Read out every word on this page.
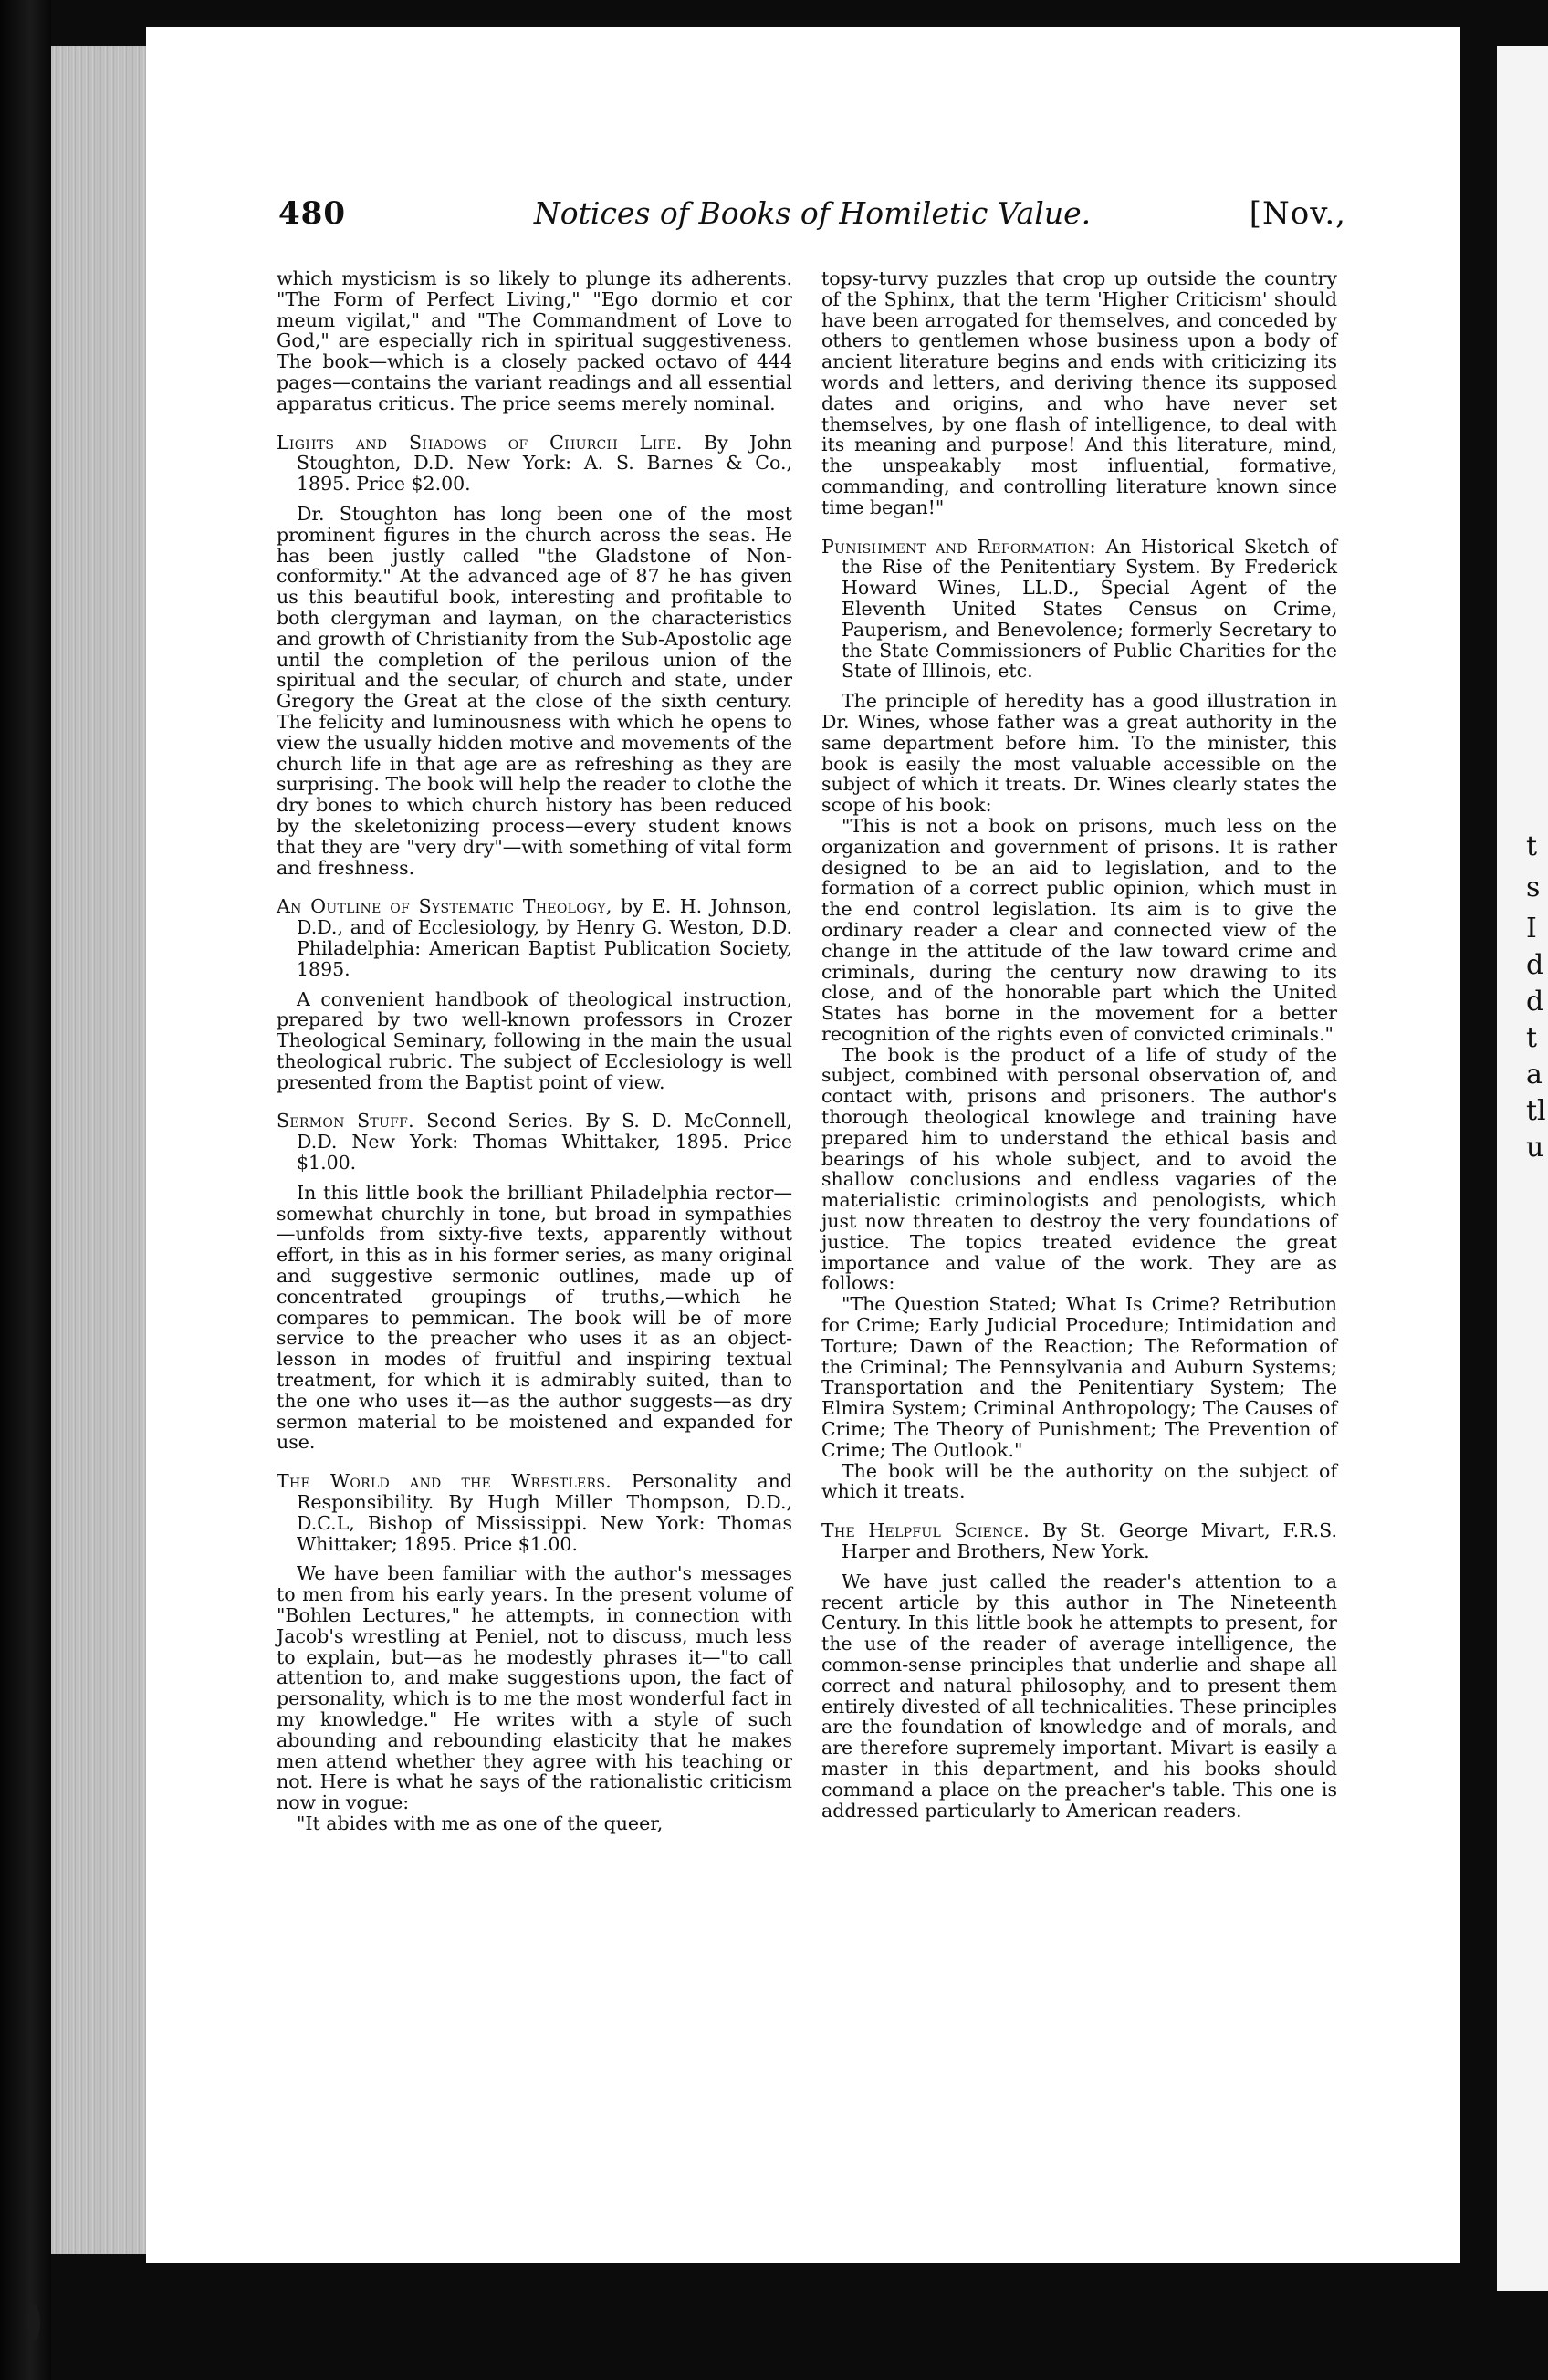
t
s
I
d
d
t
a
tl
u
480	Notices of Books of Homiletic Value.	[Nov.,

which mysticism is so likely to plunge its adherents. "The Form of Perfect Living," "Ego dormio et cor meum vigilat," and "The Commandment of Love to God," are especially rich in spiritual suggestiveness. The book—which is a closely packed octavo of 444 pages—contains the variant readings and all essential apparatus criticus. The price seems merely nominal.

Lights and Shadows of Church Life. By John Stoughton, D.D. New York: A. S. Barnes & Co., 1895. Price $2.00.

Dr. Stoughton has long been one of the most prominent figures in the church across the seas. He has been justly called "the Gladstone of Non-conformity." At the advanced age of 87 he has given us this beautiful book, interesting and profitable to both clergyman and layman, on the characteristics and growth of Christianity from the Sub-Apostolic age until the completion of the perilous union of the spiritual and the secular, of church and state, under Gregory the Great at the close of the sixth century. The felicity and luminousness with which he opens to view the usually hidden motive and movements of the church life in that age are as refreshing as they are surprising. The book will help the reader to clothe the dry bones to which church history has been reduced by the skeletonizing process—every student knows that they are "very dry"—with something of vital form and freshness.

An Outline of Systematic Theology, by E. H. Johnson, D.D., and of Ecclesiology, by Henry G. Weston, D.D. Philadelphia: American Baptist Publication Society, 1895.

A convenient handbook of theological instruction, prepared by two well-known professors in Crozer Theological Seminary, following in the main the usual theological rubric. The subject of Ecclesiology is well presented from the Baptist point of view.

Sermon Stuff. Second Series. By S. D. McConnell, D.D. New York: Thomas Whittaker, 1895. Price $1.00.

In this little book the brilliant Philadelphia rector—somewhat churchly in tone, but broad in sympathies—unfolds from sixty-five texts, apparently without effort, in this as in his former series, as many original and suggestive sermonic outlines, made up of concentrated groupings of truths,—which he compares to pemmican. The book will be of more service to the preacher who uses it as an object-lesson in modes of fruitful and inspiring textual treatment, for which it is admirably suited, than to the one who uses it—as the author suggests—as dry sermon material to be moistened and expanded for use.

The World and the Wrestlers. Personality and Responsibility. By Hugh Miller Thompson, D.D., D.C.L, Bishop of Mississippi. New York: Thomas Whittaker; 1895. Price $1.00.

We have been familiar with the author's messages to men from his early years. In the present volume of "Bohlen Lectures," he attempts, in connection with Jacob's wrestling at Peniel, not to discuss, much less to explain, but—as he modestly phrases it—"to call attention to, and make suggestions upon, the fact of personality, which is to me the most wonderful fact in my knowledge." He writes with a style of such abounding and rebounding elasticity that he makes men attend whether they agree with his teaching or not. Here is what he says of the rationalistic criticism now in vogue:

"It abides with me as one of the queer,

topsy-turvy puzzles that crop up outside the country of the Sphinx, that the term 'Higher Criticism' should have been arrogated for themselves, and conceded by others to gentlemen whose business upon a body of ancient literature begins and ends with criticizing its words and letters, and deriving thence its supposed dates and origins, and who have never set themselves, by one flash of intelligence, to deal with its meaning and purpose! And this literature, mind, the unspeakably most influential, formative, commanding, and controlling literature known since time began!"

Punishment and Reformation: An Historical Sketch of the Rise of the Penitentiary System. By Frederick Howard Wines, LL.D., Special Agent of the Eleventh United States Census on Crime, Pauperism, and Benevolence; formerly Secretary to the State Commissioners of Public Charities for the State of Illinois, etc.

The principle of heredity has a good illustration in Dr. Wines, whose father was a great authority in the same department before him. To the minister, this book is easily the most valuable accessible on the subject of which it treats. Dr. Wines clearly states the scope of his book:

"This is not a book on prisons, much less on the organization and government of prisons. It is rather designed to be an aid to legislation, and to the formation of a correct public opinion, which must in the end control legislation. Its aim is to give the ordinary reader a clear and connected view of the change in the attitude of the law toward crime and criminals, during the century now drawing to its close, and of the honorable part which the United States has borne in the movement for a better recognition of the rights even of convicted criminals."

The book is the product of a life of study of the subject, combined with personal observation of, and contact with, prisons and prisoners. The author's thorough theological knowlege and training have prepared him to understand the ethical basis and bearings of his whole subject, and to avoid the shallow conclusions and endless vagaries of the materialistic criminologists and penologists, which just now threaten to destroy the very foundations of justice. The topics treated evidence the great importance and value of the work. They are as follows:

"The Question Stated; What Is Crime? Retribution for Crime; Early Judicial Procedure; Intimidation and Torture; Dawn of the Reaction; The Reformation of the Criminal; The Pennsylvania and Auburn Systems; Transportation and the Penitentiary System; The Elmira System; Criminal Anthropology; The Causes of Crime; The Theory of Punishment; The Prevention of Crime; The Outlook."

The book will be the authority on the subject of which it treats.

The Helpful Science. By St. George Mivart, F.R.S. Harper and Brothers, New York.

We have just called the reader's attention to a recent article by this author in The Nineteenth Century. In this little book he attempts to present, for the use of the reader of average intelligence, the common-sense principles that underlie and shape all correct and natural philosophy, and to present them entirely divested of all technicalities. These principles are the foundation of knowledge and of morals, and are therefore supremely important. Mivart is easily a master in this department, and his books should command a place on the preacher's table. This one is addressed particularly to American readers.
